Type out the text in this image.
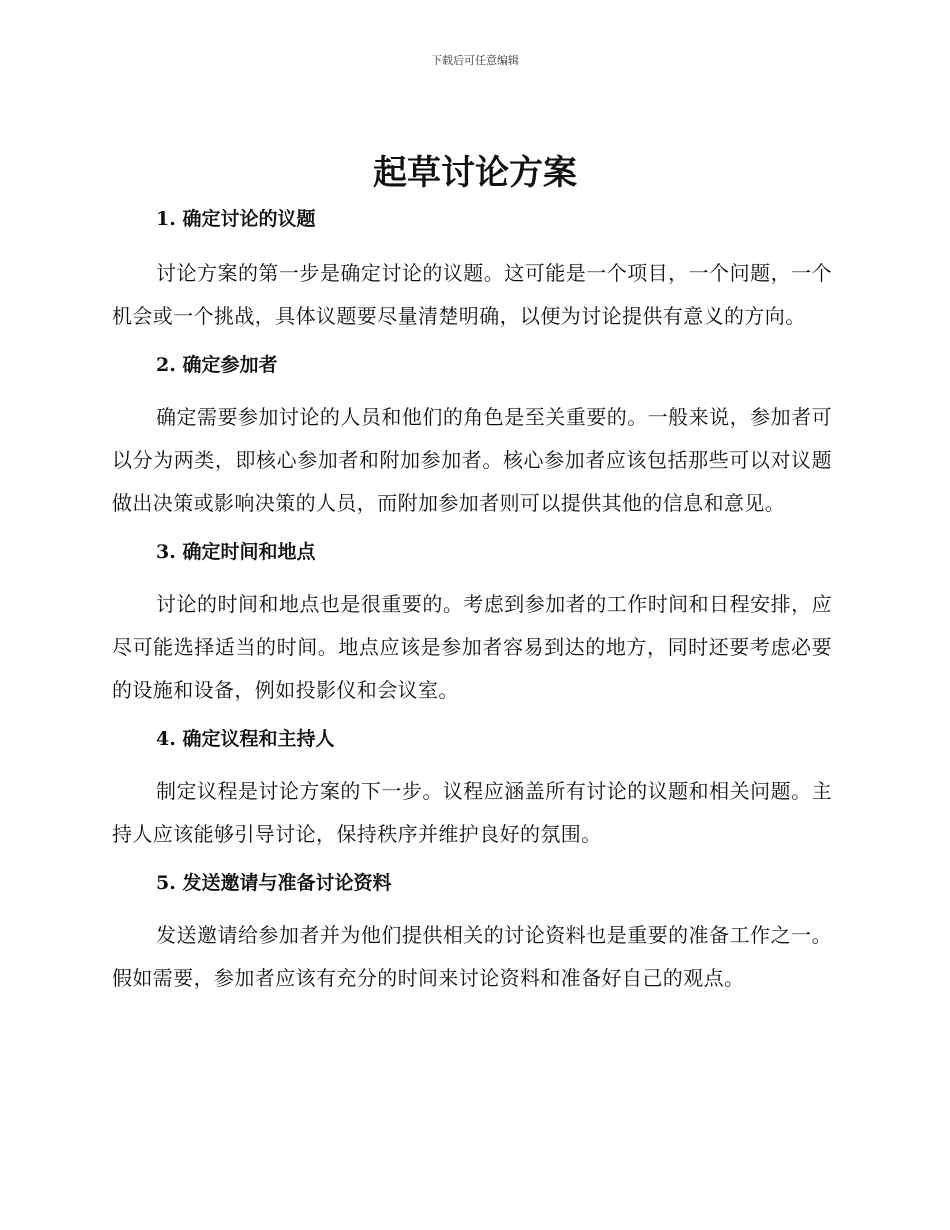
下载后可任意编辑
起草讨论方案
1. 确定讨论的议题

讨论方案的第一步是确定讨论的议题。这可能是一个项目，一个问题，一个机会或一个挑战，具体议题要尽量清楚明确，以便为讨论提供有意义的方向。

2. 确定参加者

确定需要参加讨论的人员和他们的角色是至关重要的。一般来说，参加者可以分为两类，即核心参加者和附加参加者。核心参加者应该包括那些可以对议题做出决策或影响决策的人员，而附加参加者则可以提供其他的信息和意见。

3. 确定时间和地点

讨论的时间和地点也是很重要的。考虑到参加者的工作时间和日程安排，应尽可能选择适当的时间。地点应该是参加者容易到达的地方，同时还要考虑必要的设施和设备，例如投影仪和会议室。

4. 确定议程和主持人

制定议程是讨论方案的下一步。议程应涵盖所有讨论的议题和相关问题。主持人应该能够引导讨论，保持秩序并维护良好的氛围。

5. 发送邀请与准备讨论资料

发送邀请给参加者并为他们提供相关的讨论资料也是重要的准备工作之一。假如需要，参加者应该有充分的时间来讨论资料和准备好自己的观点。
